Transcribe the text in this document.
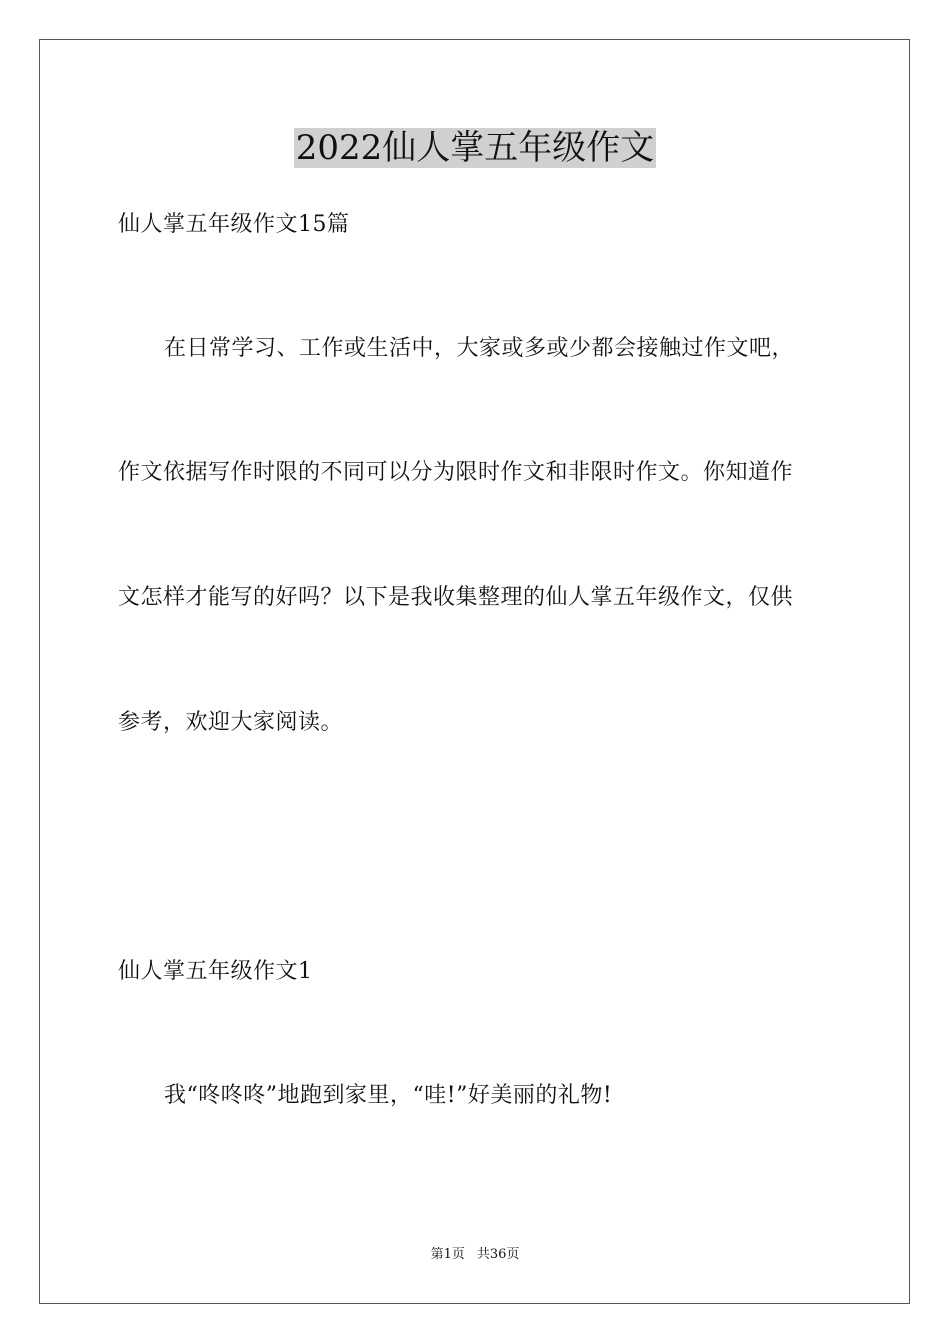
2022仙人掌五年级作文
仙人掌五年级作文15篇
在日常学习、工作或生活中，大家或多或少都会接触过作文吧，
作文依据写作时限的不同可以分为限时作文和非限时作文。你知道作
文怎样才能写的好吗？以下是我收集整理的仙人掌五年级作文，仅供
参考，欢迎大家阅读。
仙人掌五年级作文1
我“咚咚咚”地跑到家里，“哇!”好美丽的礼物!
第1页 共36页
